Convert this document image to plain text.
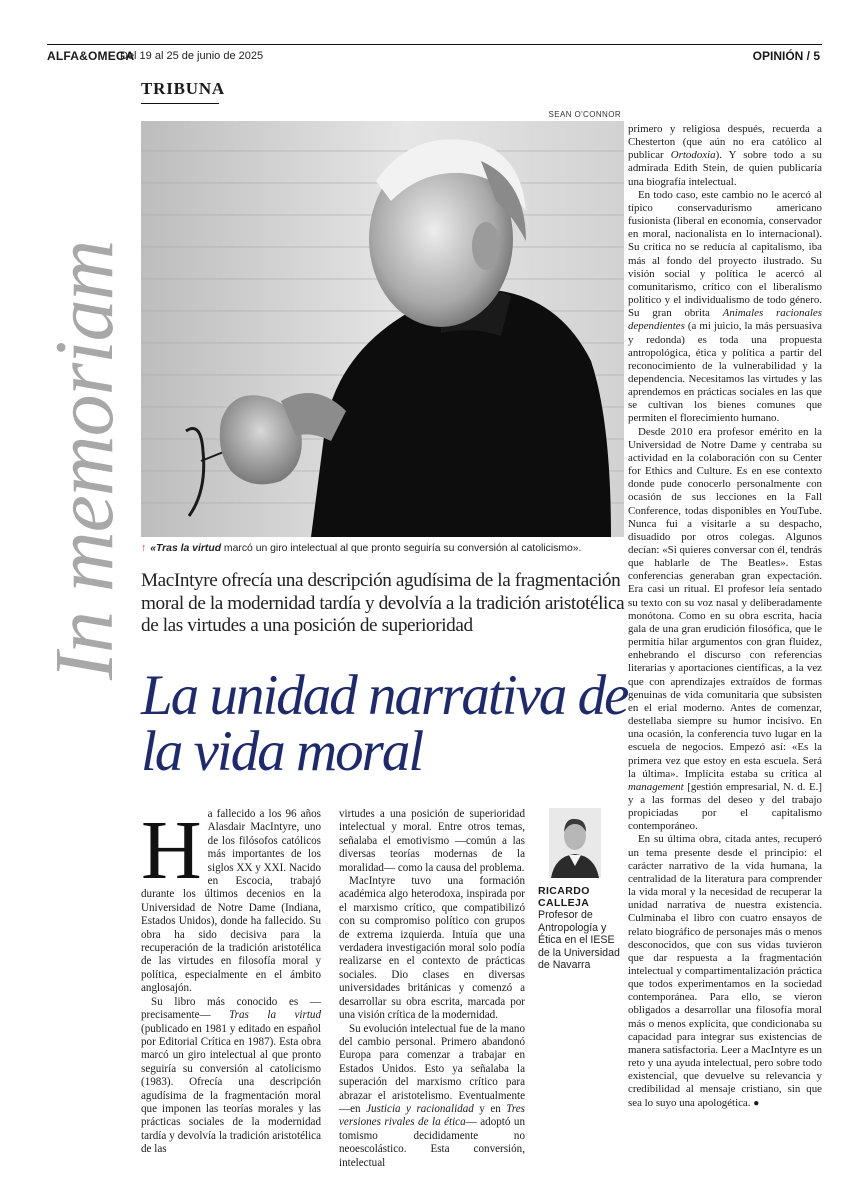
ALFA&OMEGA
Del 19 al 25 de junio de 2025	OPINIÓN / 5
TRIBUNA
In memoriam
SEAN O'CONNOR
↑ «Tras la virtud marcó un giro intelectual al que pronto seguiría su conversión al catolicismo».
MacIntyre ofrecía una descripción agudísima de la fragmentación moral de la modernidad tardía y devolvía a la tradición aristotélica de las virtudes a una posición de superioridad
La unidad narrativa de la vida moral

Ha fallecido a los 96 años Alasdair MacIntyre, uno de los filósofos católicos más importantes de los siglos XX y XXI. Nacido en Escocia, trabajó durante los últimos decenios en la Universidad de Notre Dame (Indiana, Estados Unidos), donde ha fallecido. Su obra ha sido decisiva para la recuperación de la tradición aristotélica de las virtudes en filosofía moral y política, especialmente en el ámbito anglosajón.

Su libro más conocido es —precisamente— Tras la virtud (publicado en 1981 y editado en español por Editorial Crítica en 1987). Esta obra marcó un giro intelectual al que pronto seguiría su conversión al catolicismo (1983). Ofrecía una descripción agudísima de la fragmentación moral que imponen las teorías morales y las prácticas sociales de la modernidad tardía y devolvía la tradición aristotélica de las

virtudes a una posición de superioridad intelectual y moral. Entre otros temas, señalaba el emotivismo —común a las diversas teorías modernas de la moralidad— como la causa del problema.

MacIntyre tuvo una formación académica algo heterodoxa, inspirada por el marxismo crítico, que compatibilizó con su compromiso político con grupos de extrema izquierda. Intuía que una verdadera investigación moral solo podía realizarse en el contexto de prácticas sociales. Dio clases en diversas universidades británicas y comenzó a desarrollar su obra escrita, marcada por una visión crítica de la modernidad.

Su evolución intelectual fue de la mano del cambio personal. Primero abandonó Europa para comenzar a trabajar en Estados Unidos. Esto ya señalaba la superación del marxismo crítico para abrazar el aristotelismo. Eventualmente —en Justicia y racionalidad y en Tres versiones rivales de la ética— adoptó un tomismo decididamente no neoescolástico. Esta conversión, intelectual

RICARDO CALLEJA
Profesor de Antropología y Ética en el IESE de la Universidad de Navarra

primero y religiosa después, recuerda a Chesterton (que aún no era católico al publicar Ortodoxia). Y sobre todo a su admirada Edith Stein, de quien publicaría una biografía intelectual.

En todo caso, este cambio no le acercó al típico conservadurismo americano fusionista (liberal en economía, conservador en moral, nacionalista en lo internacional). Su crítica no se reducía al capitalismo, iba más al fondo del proyecto ilustrado. Su visión social y política le acercó al comunitarismo, crítico con el liberalismo político y el individualismo de todo género. Su gran obrita Animales racionales dependientes (a mi juicio, la más persuasiva y redonda) es toda una propuesta antropológica, ética y política a partir del reconocimiento de la vulnerabilidad y la dependencia. Necesitamos las virtudes y las aprendemos en prácticas sociales en las que se cultivan los bienes comunes que permiten el florecimiento humano.

Desde 2010 era profesor emérito en la Universidad de Notre Dame y centraba su actividad en la colaboración con su Center for Ethics and Culture. Es en ese contexto donde pude conocerlo personalmente con ocasión de sus lecciones en la Fall Conference, todas disponibles en YouTube. Nunca fui a visitarle a su despacho, disuadido por otros colegas. Algunos decían: «Si quieres conversar con él, tendrás que hablarle de The Beatles». Estas conferencias generaban gran expectación. Era casi un ritual. El profesor leía sentado su texto con su voz nasal y deliberadamente monótona. Como en su obra escrita, hacía gala de una gran erudición filosófica, que le permitía hilar argumentos con gran fluidez, enhebrando el discurso con referencias literarias y aportaciones científicas, a la vez que con aprendizajes extraídos de formas genuinas de vida comunitaria que subsisten en el erial moderno. Antes de comenzar, destellaba siempre su humor incisivo. En una ocasión, la conferencia tuvo lugar en la escuela de negocios. Empezó así: «Es la primera vez que estoy en esta escuela. Será la última». Implícita estaba su crítica al management [gestión empresarial, N. d. E.] y a las formas del deseo y del trabajo propiciadas por el capitalismo contemporáneo.

En su última obra, citada antes, recuperó un tema presente desde el principio: el carácter narrativo de la vida humana, la centralidad de la literatura para comprender la vida moral y la necesidad de recuperar la unidad narrativa de nuestra existencia. Culminaba el libro con cuatro ensayos de relato biográfico de personajes más o menos desconocidos, que con sus vidas tuvieron que dar respuesta a la fragmentación intelectual y compartimentalización práctica que todos experimentamos en la sociedad contemporánea. Para ello, se vieron obligados a desarrollar una filosofía moral más o menos explícita, que condicionaba su capacidad para integrar sus existencias de manera satisfactoria. Leer a MacIntyre es un reto y una ayuda intelectual, pero sobre todo existencial, que devuelve su relevancia y credibilidad al mensaje cristiano, sin que sea lo suyo una apologética. ●
